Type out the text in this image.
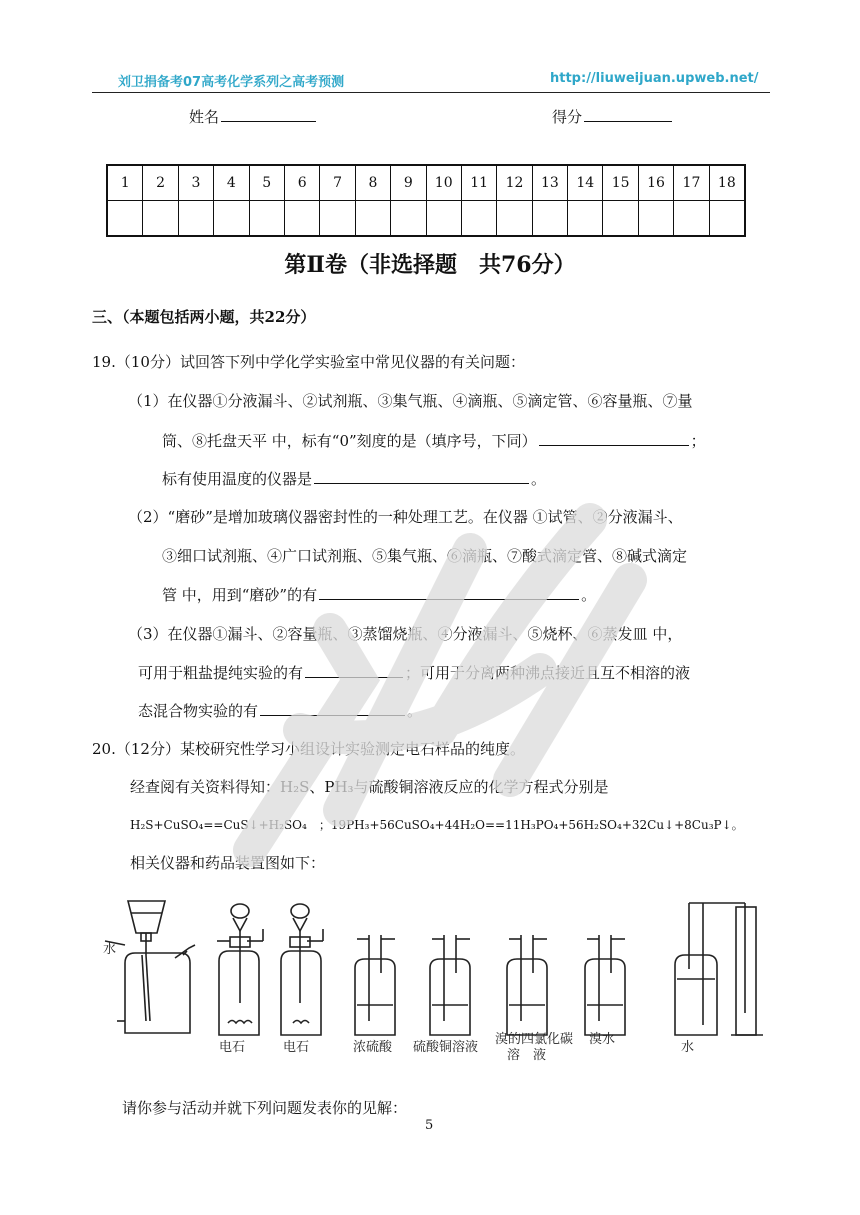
刘卫捐备考07高考化学系列之高考预测	http://liuweijuan.upweb.net/
姓名	得分
1	2	3	4	5	6	7	8	9	10	11	12	13	14	15	16	17	18

第Ⅱ卷（非选择题　共76分）
三、（本题包括两小题，共22分）
19.（10分）试回答下列中学化学实验室中常见仪器的有关问题：
（1）在仪器①分液漏斗、②试剂瓶、③集气瓶、④滴瓶、⑤滴定管、⑥容量瓶、⑦量
筒、⑧托盘天平 中，标有“0”刻度的是（填序号，下同）	；
标有使用温度的仪器是	。
（2）“磨砂”是增加玻璃仪器密封性的一种处理工艺。在仪器 ①试管、②分液漏斗、
③细口试剂瓶、④广口试剂瓶、⑤集气瓶、⑥滴瓶、⑦酸式滴定管、⑧碱式滴定
管 中，用到“磨砂”的有	。
（3）在仪器①漏斗、②容量瓶、③蒸馏烧瓶、④分液漏斗、⑤烧杯、⑥蒸发皿 中，
可用于粗盐提纯实验的有	；可用于分离两种沸点接近且互不相溶的液
态混合物实验的有	。
20.（12分）某校研究性学习小组设计实验测定电石样品的纯度。
经查阅有关资料得知：H₂S、PH₃与硫酸铜溶液反应的化学方程式分别是
H₂S+CuSO₄==CuS↓+H₂SO₄　；19PH₃+56CuSO₄+44H₂O==11H₃PO₄+56H₂SO₄+32Cu↓+8Cu₃P↓。
相关仪器和药品装置图如下：
水
电石	电石	浓硫酸 硫酸铜溶液
溴的四氯化碳
溶　液
溴水
水
请你参与活动并就下列问题发表你的见解：
5
